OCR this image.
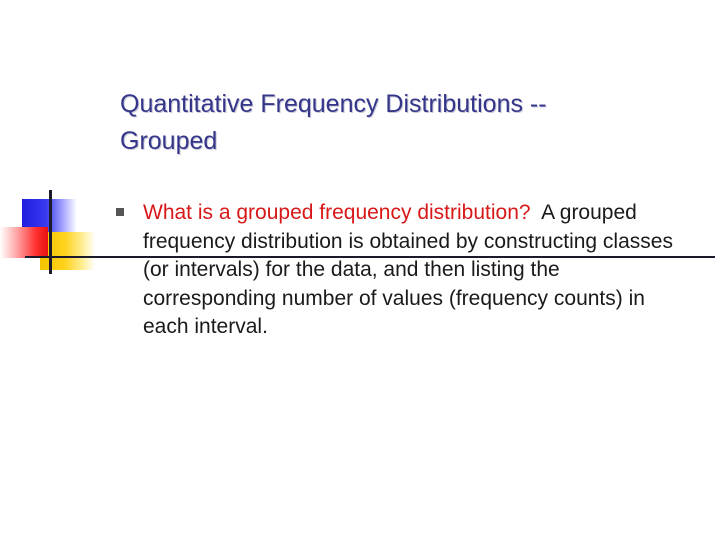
Quantitative Frequency Distributions --
Grouped

What is a grouped frequency distribution? A grouped frequency distribution is obtained by constructing classes (or intervals) for the data, and then listing the corresponding number of values (frequency counts) in each interval.
